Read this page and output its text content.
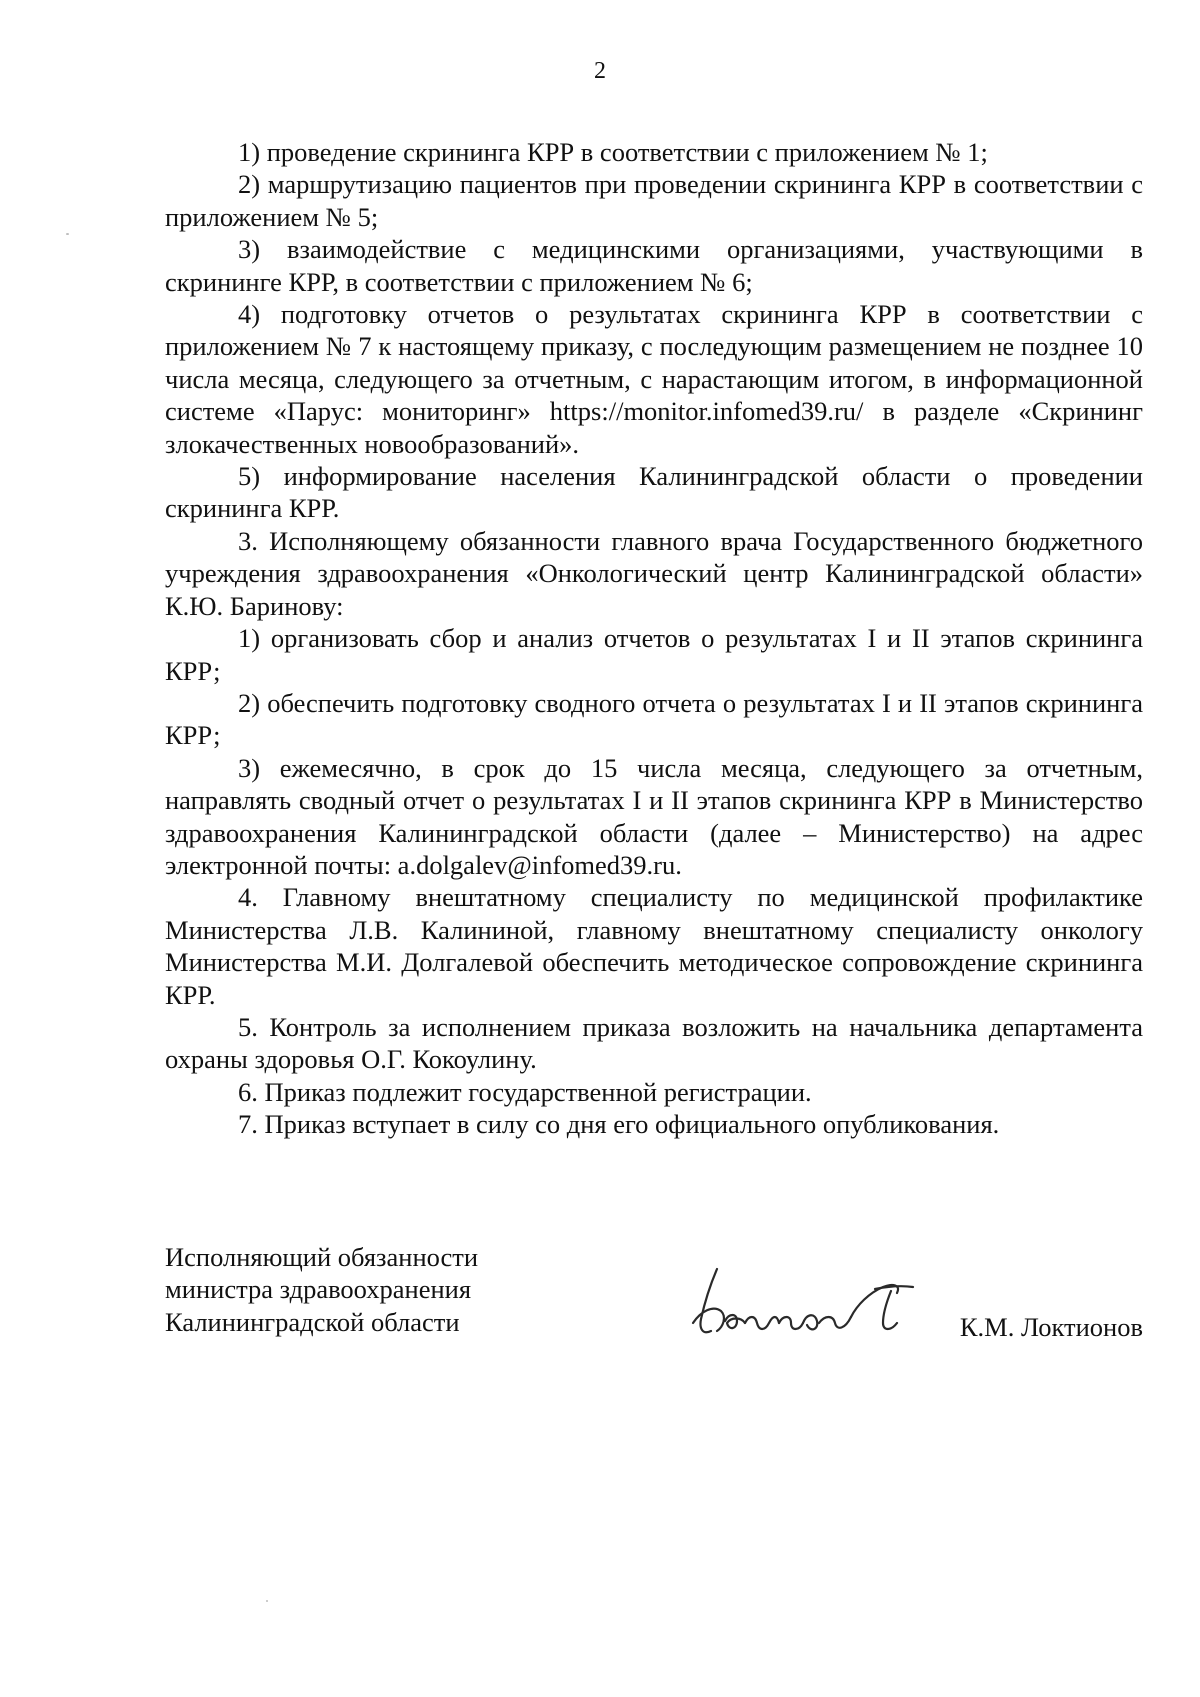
2

1) проведение скрининга КРР в соответствии с приложением № 1;

2) маршрутизацию пациентов при проведении скрининга КРР в соответствии с приложением № 5;

3) взаимодействие с медицинскими организациями, участвующими в скрининге КРР, в соответствии с приложением № 6;

4) подготовку отчетов о результатах скрининга КРР в соответствии с приложением № 7 к настоящему приказу, с последующим размещением не позднее 10 числа месяца, следующего за отчетным, с нарастающим итогом, в информационной системе «Парус: мониторинг» https://monitor.infomed39.ru/ в разделе «Скрининг злокачественных новообразований».

5) информирование населения Калининградской области о проведении скрининга КРР.

3. Исполняющему обязанности главного врача Государственного бюджетного учреждения здравоохранения «Онкологический центр Калининградской области» К.Ю. Баринову:

1) организовать сбор и анализ отчетов о результатах I и II этапов скрининга КРР;

2) обеспечить подготовку сводного отчета о результатах I и II этапов скрининга КРР;

3) ежемесячно, в срок до 15 числа месяца, следующего за отчетным, направлять сводный отчет о результатах I и II этапов скрининга КРР в Министерство здравоохранения Калининградской области (далее – Министерство) на адрес электронной почты: a.dolgalev@infomed39.ru.

4. Главному внештатному специалисту по медицинской профилактике Министерства Л.В. Калининой, главному внештатному специалисту онкологу Министерства М.И. Долгалевой обеспечить методическое сопровождение скрининга КРР.

5. Контроль за исполнением приказа возложить на начальника департамента охраны здоровья О.Г. Кокоулину.

6. Приказ подлежит государственной регистрации.

7. Приказ вступает в силу со дня его официального опубликования.

Исполняющий обязанности
министра здравоохранения
Калининградской области	К.М. Локтионов
